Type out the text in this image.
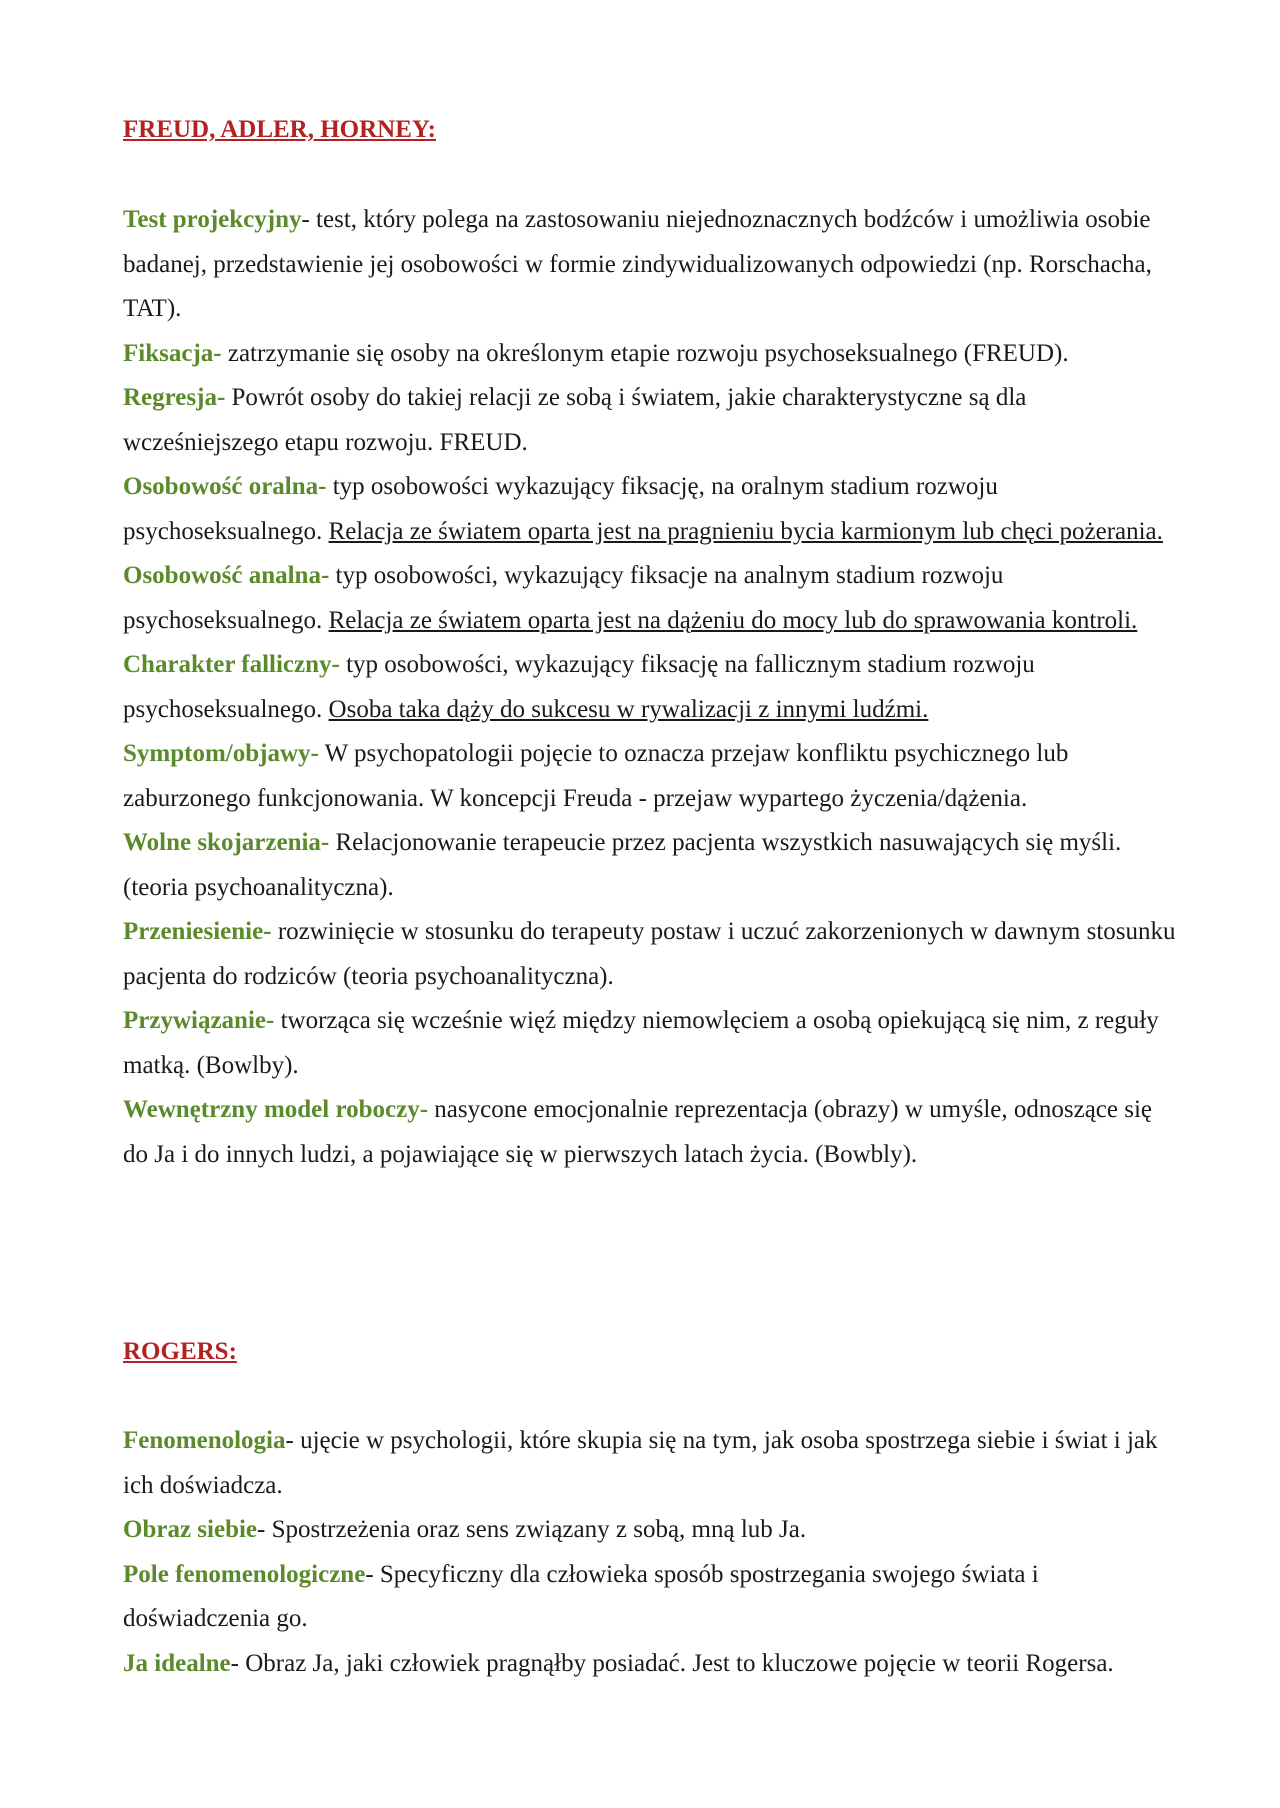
FREUD, ADLER, HORNEY:

Test projekcyjny- test, który polega na zastosowaniu niejednoznacznych bodźców i umożliwia osobie badanej, przedstawienie jej osobowości w formie zindywidualizowanych odpowiedzi (np. Rorschacha, TAT).

Fiksacja- zatrzymanie się osoby na określonym etapie rozwoju psychoseksualnego (FREUD).

Regresja- Powrót osoby do takiej relacji ze sobą i światem, jakie charakterystyczne są dla wcześniejszego etapu rozwoju. FREUD.

Osobowość oralna- typ osobowości wykazujący fiksację, na oralnym stadium rozwoju psychoseksualnego. Relacja ze światem oparta jest na pragnieniu bycia karmionym lub chęci pożerania.

Osobowość analna- typ osobowości, wykazujący fiksacje na analnym stadium rozwoju psychoseksualnego. Relacja ze światem oparta jest na dążeniu do mocy lub do sprawowania kontroli.

Charakter falliczny- typ osobowości, wykazujący fiksację na fallicznym stadium rozwoju psychoseksualnego. Osoba taka dąży do sukcesu w rywalizacji z innymi ludźmi.

Symptom/objawy- W psychopatologii pojęcie to oznacza przejaw konfliktu psychicznego lub zaburzonego funkcjonowania. W koncepcji Freuda - przejaw wypartego życzenia/dążenia.

Wolne skojarzenia- Relacjonowanie terapeucie przez pacjenta wszystkich nasuwających się myśli. (teoria psychoanalityczna).

Przeniesienie- rozwinięcie w stosunku do terapeuty postaw i uczuć zakorzenionych w dawnym stosunku pacjenta do rodziców (teoria psychoanalityczna).

Przywiązanie- tworząca się wcześnie więź między niemowlęciem a osobą opiekującą się nim, z reguły matką. (Bowlby).

Wewnętrzny model roboczy- nasycone emocjonalnie reprezentacja (obrazy) w umyśle, odnoszące się do Ja i do innych ludzi, a pojawiające się w pierwszych latach życia. (Bowbly).

ROGERS:

Fenomenologia- ujęcie w psychologii, które skupia się na tym, jak osoba spostrzega siebie i świat i jak ich doświadcza.

Obraz siebie- Spostrzeżenia oraz sens związany z sobą, mną lub Ja.

Pole fenomenologiczne- Specyficzny dla człowieka sposób spostrzegania swojego świata i doświadczenia go.

Ja idealne- Obraz Ja, jaki człowiek pragnąłby posiadać. Jest to kluczowe pojęcie w teorii Rogersa.
